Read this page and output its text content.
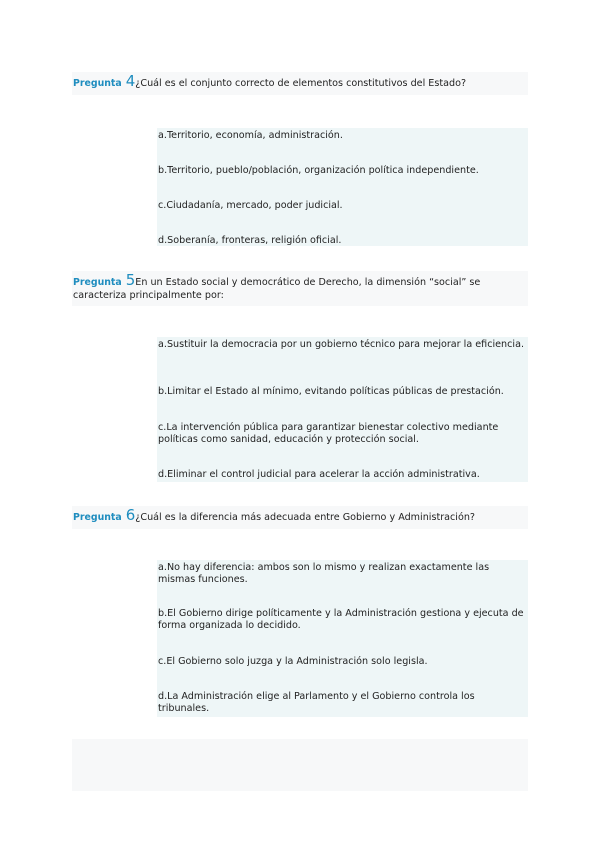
Pregunta 4¿Cuál es el conjunto correcto de elementos constitutivos del Estado?
a.Territorio, economía, administración.
b.Territorio, pueblo/población, organización política independiente.
c.Ciudadanía, mercado, poder judicial.
d.Soberanía, fronteras, religión oficial.
Pregunta 5En un Estado social y democrático de Derecho, la dimensión “social” se caracteriza principalmente por:
a.Sustituir la democracia por un gobierno técnico para mejorar la eficiencia.
b.Limitar el Estado al mínimo, evitando políticas públicas de prestación.
c.La intervención pública para garantizar bienestar colectivo mediante políticas como sanidad, educación y protección social.
d.Eliminar el control judicial para acelerar la acción administrativa.
Pregunta 6¿Cuál es la diferencia más adecuada entre Gobierno y Administración?
a.No hay diferencia: ambos son lo mismo y realizan exactamente las mismas funciones.
b.El Gobierno dirige políticamente y la Administración gestiona y ejecuta de forma organizada lo decidido.
c.El Gobierno solo juzga y la Administración solo legisla.
d.La Administración elige al Parlamento y el Gobierno controla los tribunales.
